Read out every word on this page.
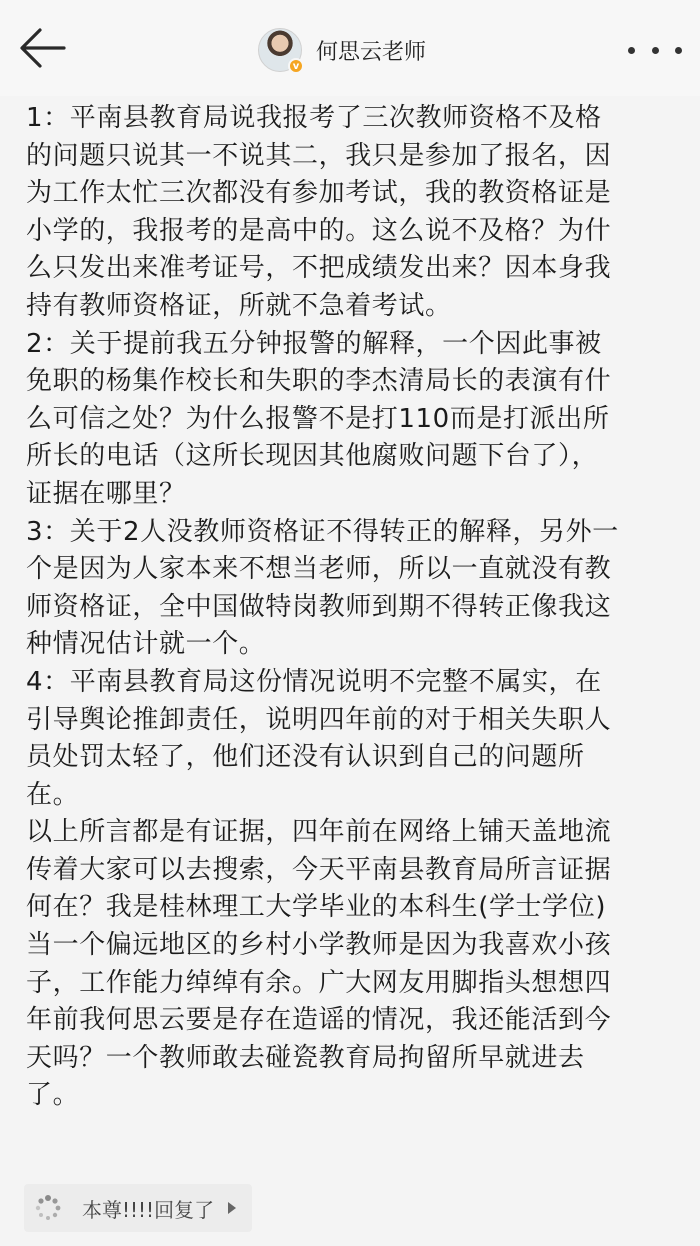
v
何思云老师

1：平南县教育局说我报考了三次教师资格不及格
的问题只说其一不说其二，我只是参加了报名，因
为工作太忙三次都没有参加考试，我的教资格证是
小学的，我报考的是高中的。这么说不及格？为什
么只发出来准考证号，不把成绩发出来？因本身我
持有教师资格证，所就不急着考试。

2：关于提前我五分钟报警的解释，一个因此事被
免职的杨集作校长和失职的李杰清局长的表演有什
么可信之处？为什么报警不是打110而是打派出所
所长的电话（这所长现因其他腐败问题下台了），
证据在哪里？

3：关于2人没教师资格证不得转正的解释，另外一
个是因为人家本来不想当老师，所以一直就没有教
师资格证，全中国做特岗教师到期不得转正像我这
种情况估计就一个。

4：平南县教育局这份情况说明不完整不属实，在
引导舆论推卸责任，说明四年前的对于相关失职人
员处罚太轻了，他们还没有认识到自己的问题所
在。

以上所言都是有证据，四年前在网络上铺天盖地流
传着大家可以去搜索，今天平南县教育局所言证据
何在？我是桂林理工大学毕业的本科生(学士学位)
当一个偏远地区的乡村小学教师是因为我喜欢小孩
子，工作能力绰绰有余。广大网友用脚指头想想四
年前我何思云要是存在造谣的情况，我还能活到今
天吗？一个教师敢去碰瓷教育局拘留所早就进去
了。

本尊!!!!回复了
